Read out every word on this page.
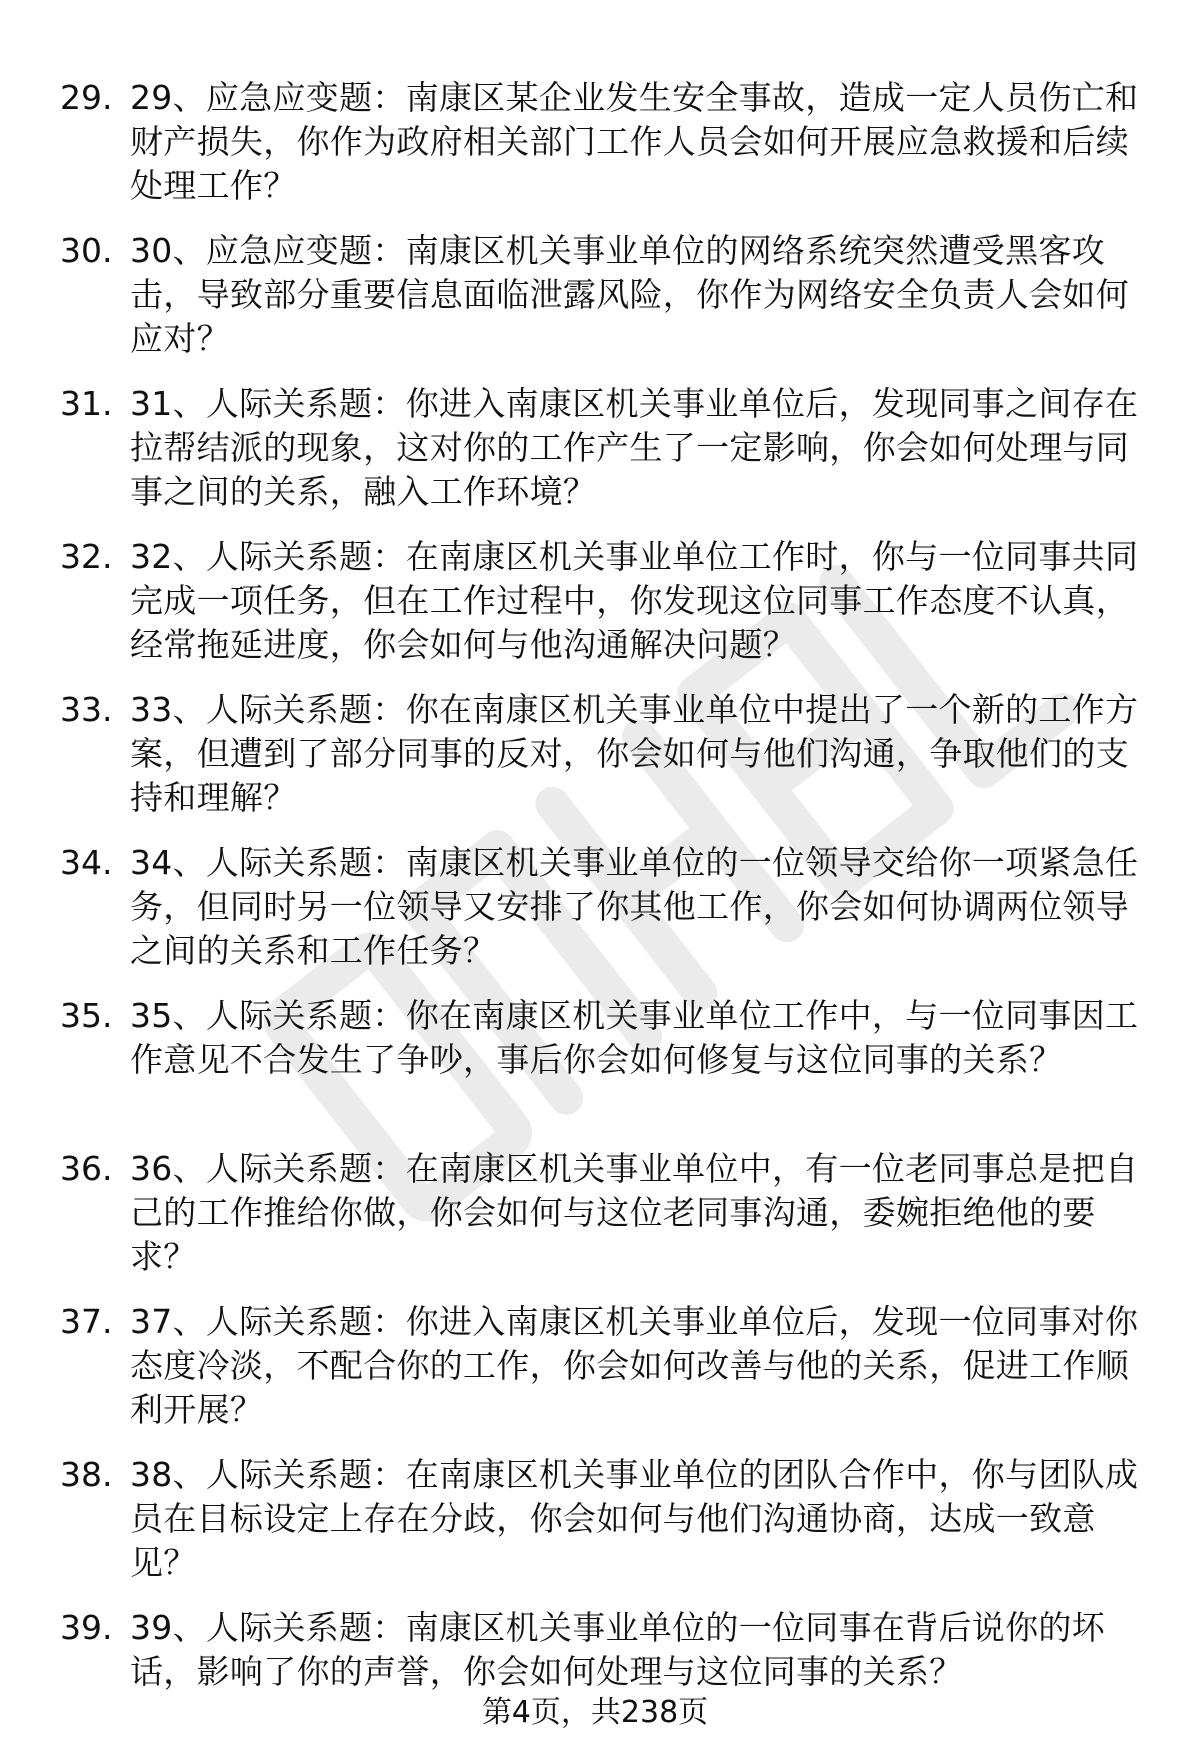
29. 29、应急应变题：南康区某企业发生安全事故，造成一定人员伤亡和财产损失，你作为政府相关部门工作人员会如何开展应急救援和后续处理工作？
30. 30、应急应变题：南康区机关事业单位的网络系统突然遭受黑客攻击，导致部分重要信息面临泄露风险，你作为网络安全负责人会如何应对？
31. 31、人际关系题：你进入南康区机关事业单位后，发现同事之间存在拉帮结派的现象，这对你的工作产生了一定影响，你会如何处理与同事之间的关系，融入工作环境？
32. 32、人际关系题：在南康区机关事业单位工作时，你与一位同事共同完成一项任务，但在工作过程中，你发现这位同事工作态度不认真，经常拖延进度，你会如何与他沟通解决问题？
33. 33、人际关系题：你在南康区机关事业单位中提出了一个新的工作方案，但遭到了部分同事的反对，你会如何与他们沟通，争取他们的支持和理解？
34. 34、人际关系题：南康区机关事业单位的一位领导交给你一项紧急任务，但同时另一位领导又安排了你其他工作，你会如何协调两位领导之间的关系和工作任务？
35. 35、人际关系题：你在南康区机关事业单位工作中，与一位同事因工作意见不合发生了争吵，事后你会如何修复与这位同事的关系？
36. 36、人际关系题：在南康区机关事业单位中，有一位老同事总是把自己的工作推给你做，你会如何与这位老同事沟通，委婉拒绝他的要求？
37. 37、人际关系题：你进入南康区机关事业单位后，发现一位同事对你态度冷淡，不配合你的工作，你会如何改善与他的关系，促进工作顺利开展？
38. 38、人际关系题：在南康区机关事业单位的团队合作中，你与团队成员在目标设定上存在分歧，你会如何与他们沟通协商，达成一致意见？
39. 39、人际关系题：南康区机关事业单位的一位同事在背后说你的坏话，影响了你的声誉，你会如何处理与这位同事的关系？
第4页，共238页
